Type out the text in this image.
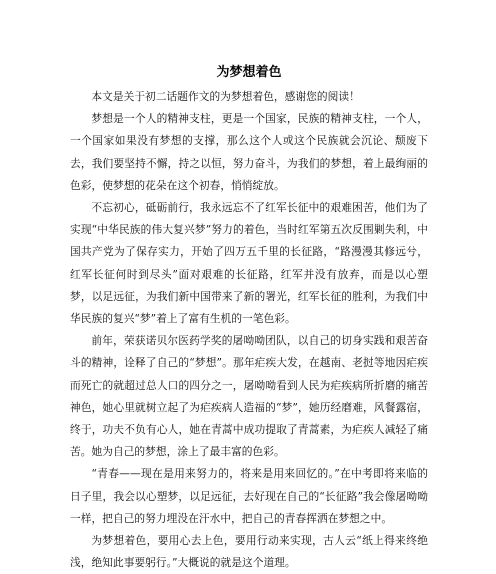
为梦想着色

本文是关于初二话题作文的为梦想着色，感谢您的阅读！

梦想是一个人的精神支柱，更是一个国家，民族的精神支柱，一个人，一个国家如果没有梦想的支撑，那么这个人或这个民族就会沉论、颓废下去，我们要坚持不懈，持之以恒，努力奋斗，为我们的梦想，着上最绚丽的色彩，使梦想的花朵在这个初春，悄悄绽放。

不忘初心，砥砺前行，我永远忘不了红军长征中的艰难困苦，他们为了实现“中华民族的伟大复兴梦”努力的着色，当时红军第五次反围剿失利，中国共产党为了保存实力，开始了四万五千里的长征路，“路漫漫其修远兮，红军长征何时到尽头”面对艰难的长征路，红军并没有放弃，而是以心塑梦，以足远征，为我们新中国带来了新的署光，红军长征的胜利，为我们中华民族的复兴“梦”着上了富有生机的一笔色彩。

前年，荣获诺贝尔医药学奖的屠呦呦团队，以自己的切身实践和艰苦奋斗的精神，诠释了自己的“梦想”。那年疟疾大发，在越南、老挝等地因疟疾而死亡的就超过总人口的四分之一，屠呦呦看到人民为疟疾病所折磨的痛苦神色，她心里就树立起了为疟疾病人造福的“梦”，她历经磨难，风餐露宿，终于，功夫不负有心人，她在青蒿中成功提取了青蒿素，为疟疾人减轻了痛苦。她为自己的梦想，涂上了最丰富的色彩。

“青春——现在是用来努力的，将来是用来回忆的。”在中考即将来临的日子里，我会以心塑梦，以足远征，去好现在自己的“长征路”我会像屠呦呦一样，把自己的努力埋没在汗水中，把自己的青春挥洒在梦想之中。

为梦想着色，要用心去上色，要用行动来实现，古人云“纸上得来终绝浅，绝知此事要躬行。”大概说的就是这个道理。
